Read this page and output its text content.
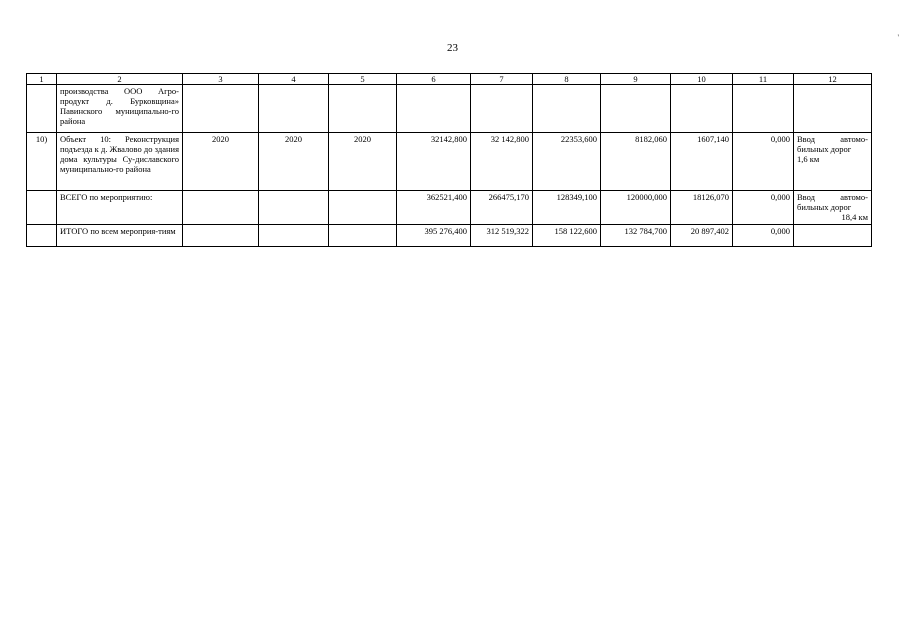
23
'
1	2	3	4	5	6	7	8	9	10	11	12
	производства ООО Агро-продукт д. Бурковщина» Павинского муниципально-го района										
10)	Объект 10: Реконструкция подъезда к д. Жвалово до здания дома культуры Су-диславского муниципально-го района	2020	2020	2020	32142,800	32 142,800	22353,600	8182,060	1607,140	0,000	Ввод автомо-бильных дорог
1,6 км

	ВСЕГО по мероприятию:				362521,400	266475,170	128349,100	120000,000	18126,070	0,000	Ввод автомо-бильных дорог
18,4 км

	ИТОГО по всем мероприя-тиям				395 276,400	312 519,322	158 122,600	132 784,700	20 897,402	0,000	
